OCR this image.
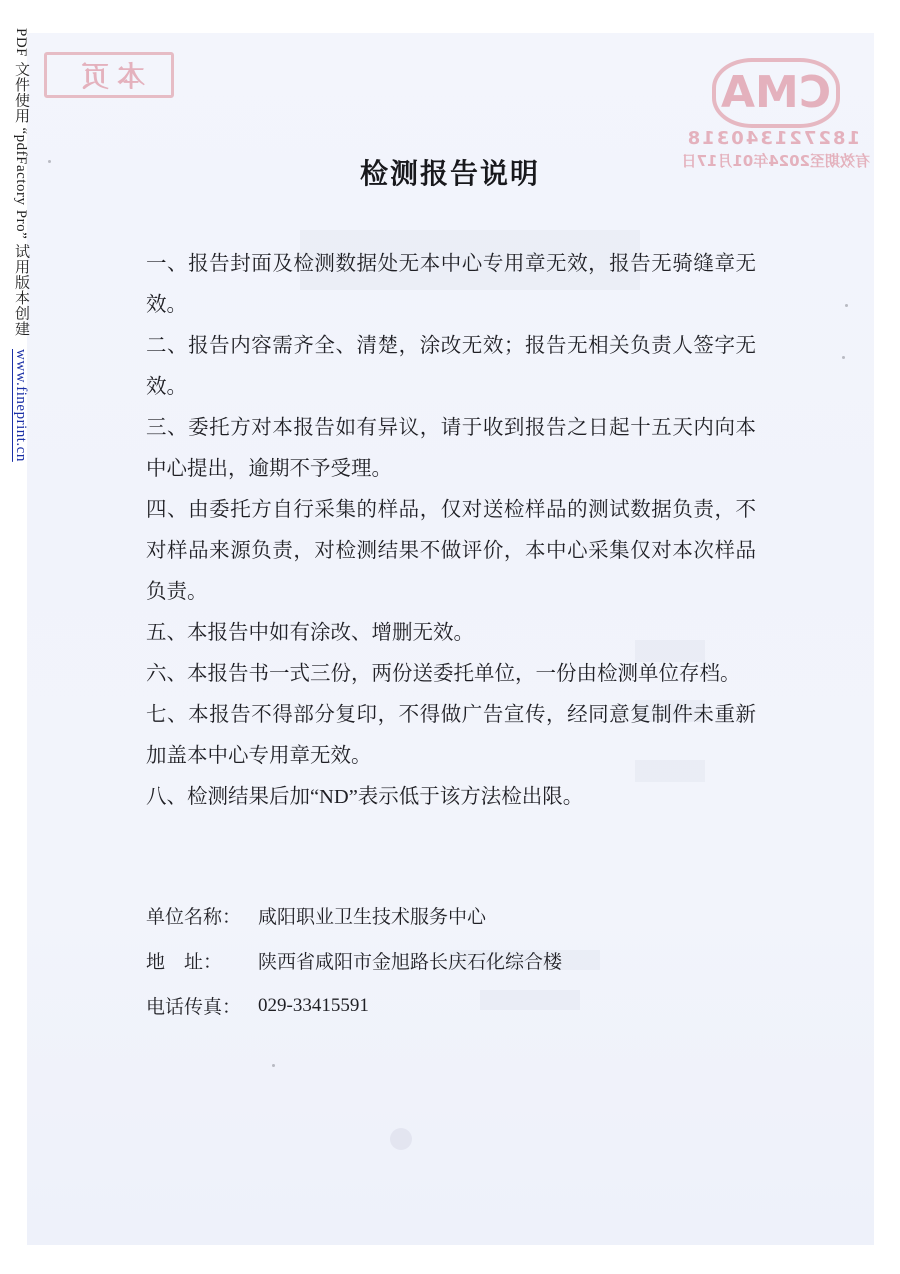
PDF 文件使用 “pdfFactory Pro” 试用版本创建 www.fineprint.cn
本页	CMA
182721340318
有效期至2024年01月17日
检测报告说明

一、报告封面及检测数据处无本中心专用章无效，报告无骑缝章无效。

二、报告内容需齐全、清楚，涂改无效；报告无相关负责人签字无效。

三、委托方对本报告如有异议，请于收到报告之日起十五天内向本中心提出，逾期不予受理。

四、由委托方自行采集的样品，仅对送检样品的测试数据负责，不对样品来源负责，对检测结果不做评价，本中心采集仅对本次样品负责。

五、本报告中如有涂改、增删无效。

六、本报告书一式三份，两份送委托单位，一份由检测单位存档。

七、本报告不得部分复印，不得做广告宣传，经同意复制件未重新加盖本中心专用章无效。

八、检测结果后加“ND”表示低于该方法检出限。

单位名称： 咸阳职业卫生技术服务中心
地    址：	陕西省咸阳市金旭路长庆石化综合楼
电话传真： 029-33415591
